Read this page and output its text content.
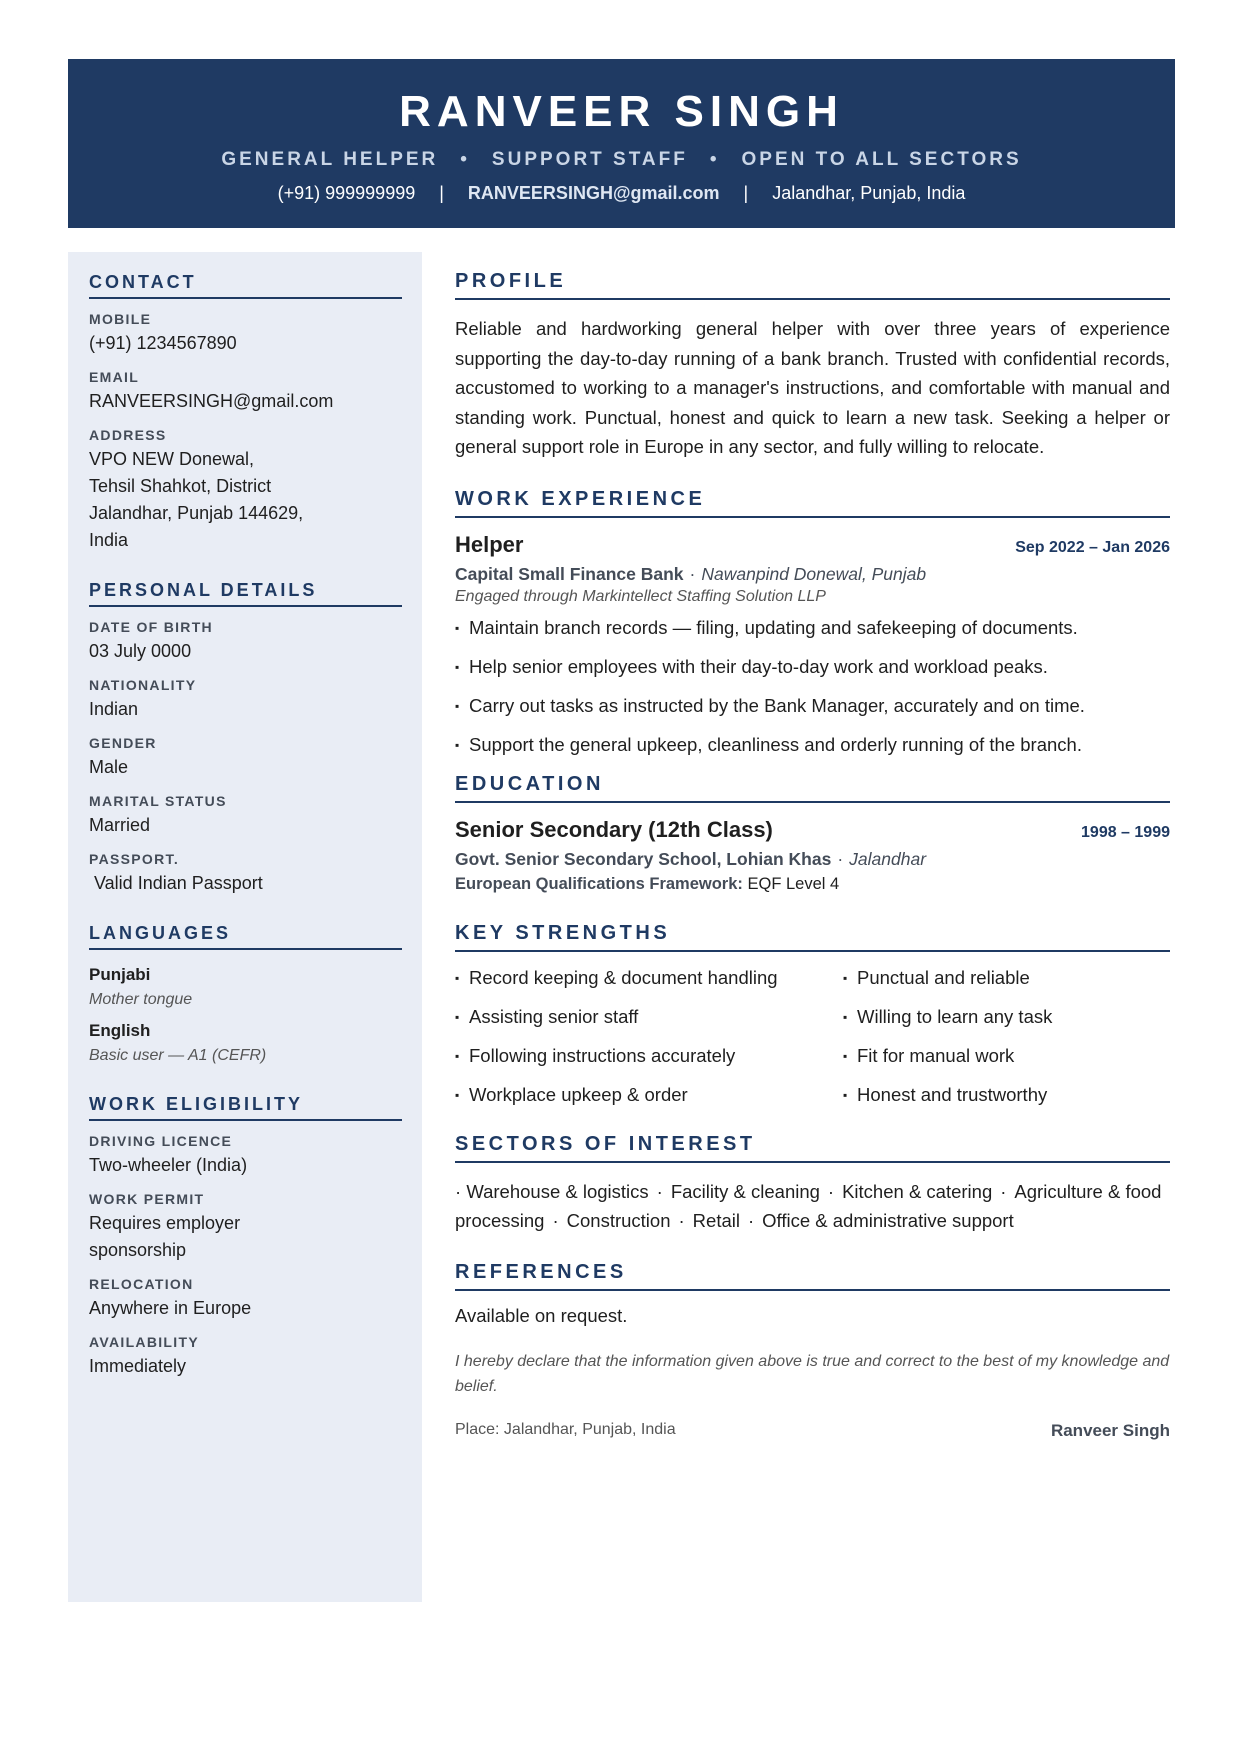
RANVEER SINGH
GENERAL HELPER • SUPPORT STAFF • OPEN TO ALL SECTORS
(+91) 999999999 | RANVEERSINGH@gmail.com | Jalandhar, Punjab, India
CONTACT
MOBILE
(+91) 1234567890
EMAIL
RANVEERSINGH@gmail.com
ADDRESS
VPO NEW Donewal,
Tehsil Shahkot, District
Jalandhar, Punjab 144629,
India
PERSONAL DETAILS
DATE OF BIRTH
03 July 0000
NATIONALITY
Indian
GENDER
Male
MARITAL STATUS
Married
PASSPORT.
Valid Indian Passport
LANGUAGES
Punjabi
Mother tongue
English
Basic user — A1 (CEFR)
WORK ELIGIBILITY
DRIVING LICENCE
Two-wheeler (India)
WORK PERMIT
Requires employer
sponsorship
RELOCATION
Anywhere in Europe
AVAILABILITY
Immediately
PROFILE
Reliable and hardworking general helper with over three years of experience supporting the day-to-day running of a bank branch. Trusted with confidential records, accustomed to working to a manager's instructions, and comfortable with manual and standing work. Punctual, honest and quick to learn a new task. Seeking a helper or general support role in Europe in any sector, and fully willing to relocate.
WORK EXPERIENCE
Helper	Sep 2022 – Jan 2026
Capital Small Finance Bank · Nawanpind Donewal, Punjab
Engaged through Markintellect Staffing Solution LLP
▪ Maintain branch records — filing, updating and safekeeping of documents.
▪ Help senior employees with their day-to-day work and workload peaks.
▪ Carry out tasks as instructed by the Bank Manager, accurately and on time.
▪ Support the general upkeep, cleanliness and orderly running of the branch.
EDUCATION
Senior Secondary (12th Class)	1998 – 1999
Govt. Senior Secondary School, Lohian Khas · Jalandhar
European Qualifications Framework: EQF Level 4
KEY STRENGTHS
▪ Record keeping & document handling	▪ Punctual and reliable
▪ Assisting senior staff	▪ Willing to learn any task
▪ Following instructions accurately	▪ Fit for manual work
▪ Workplace upkeep & order	▪ Honest and trustworthy
SECTORS OF INTEREST
· Warehouse & logistics · Facility & cleaning · Kitchen & catering · Agriculture & food processing · Construction · Retail · Office & administrative support
REFERENCES
Available on request.
I hereby declare that the information given above is true and correct to the best of my knowledge and belief.
Place: Jalandhar, Punjab, India	Ranveer Singh
